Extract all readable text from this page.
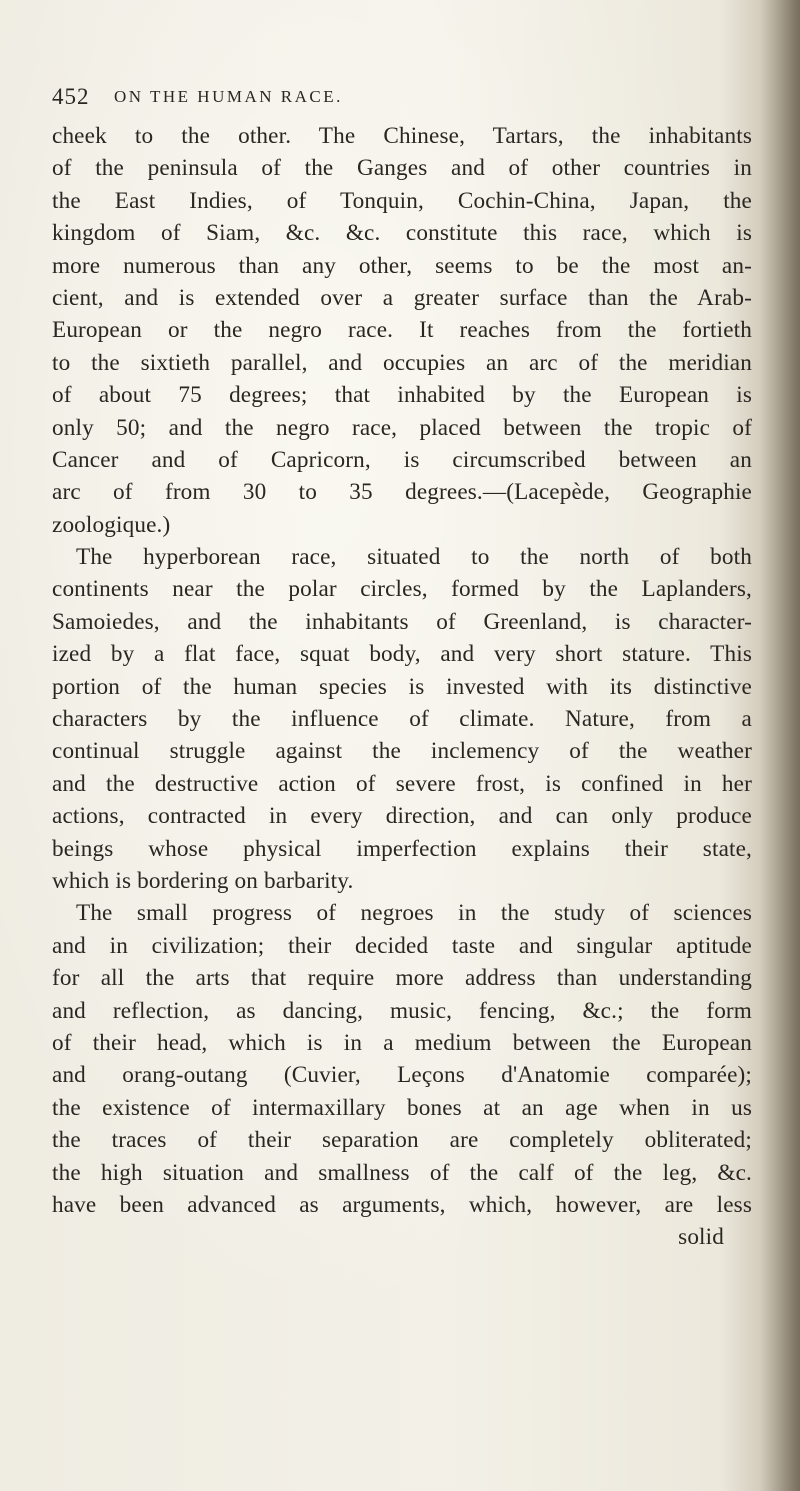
452 ON THE HUMAN RACE.
cheek to the other. The Chinese, Tartars, the inhabitants
of the peninsula of the Ganges and of other countries in
the East Indies, of Tonquin, Cochin-China, Japan, the
kingdom of Siam, &c. &c. constitute this race, which is
more numerous than any other, seems to be the most an-
cient, and is extended over a greater surface than the Arab-
European or the negro race. It reaches from the fortieth
to the sixtieth parallel, and occupies an arc of the meridian
of about 75 degrees; that inhabited by the European is
only 50; and the negro race, placed between the tropic of
Cancer and of Capricorn, is circumscribed between an
arc of from 30 to 35 degrees.—(Lacepède, Geographie
zoologique.)
The hyperborean race, situated to the north of both
continents near the polar circles, formed by the Laplanders,
Samoiedes, and the inhabitants of Greenland, is character-
ized by a flat face, squat body, and very short stature. This
portion of the human species is invested with its distinctive
characters by the influence of climate. Nature, from a
continual struggle against the inclemency of the weather
and the destructive action of severe frost, is confined in her
actions, contracted in every direction, and can only produce
beings whose physical imperfection explains their state,
which is bordering on barbarity.
The small progress of negroes in the study of sciences
and in civilization; their decided taste and singular aptitude
for all the arts that require more address than understanding
and reflection, as dancing, music, fencing, &c.; the form
of their head, which is in a medium between the European
and orang-outang (Cuvier, Leçons d'Anatomie comparée);
the existence of intermaxillary bones at an age when in us
the traces of their separation are completely obliterated;
the high situation and smallness of the calf of the leg, &c.
have been advanced as arguments, which, however, are less
solid
